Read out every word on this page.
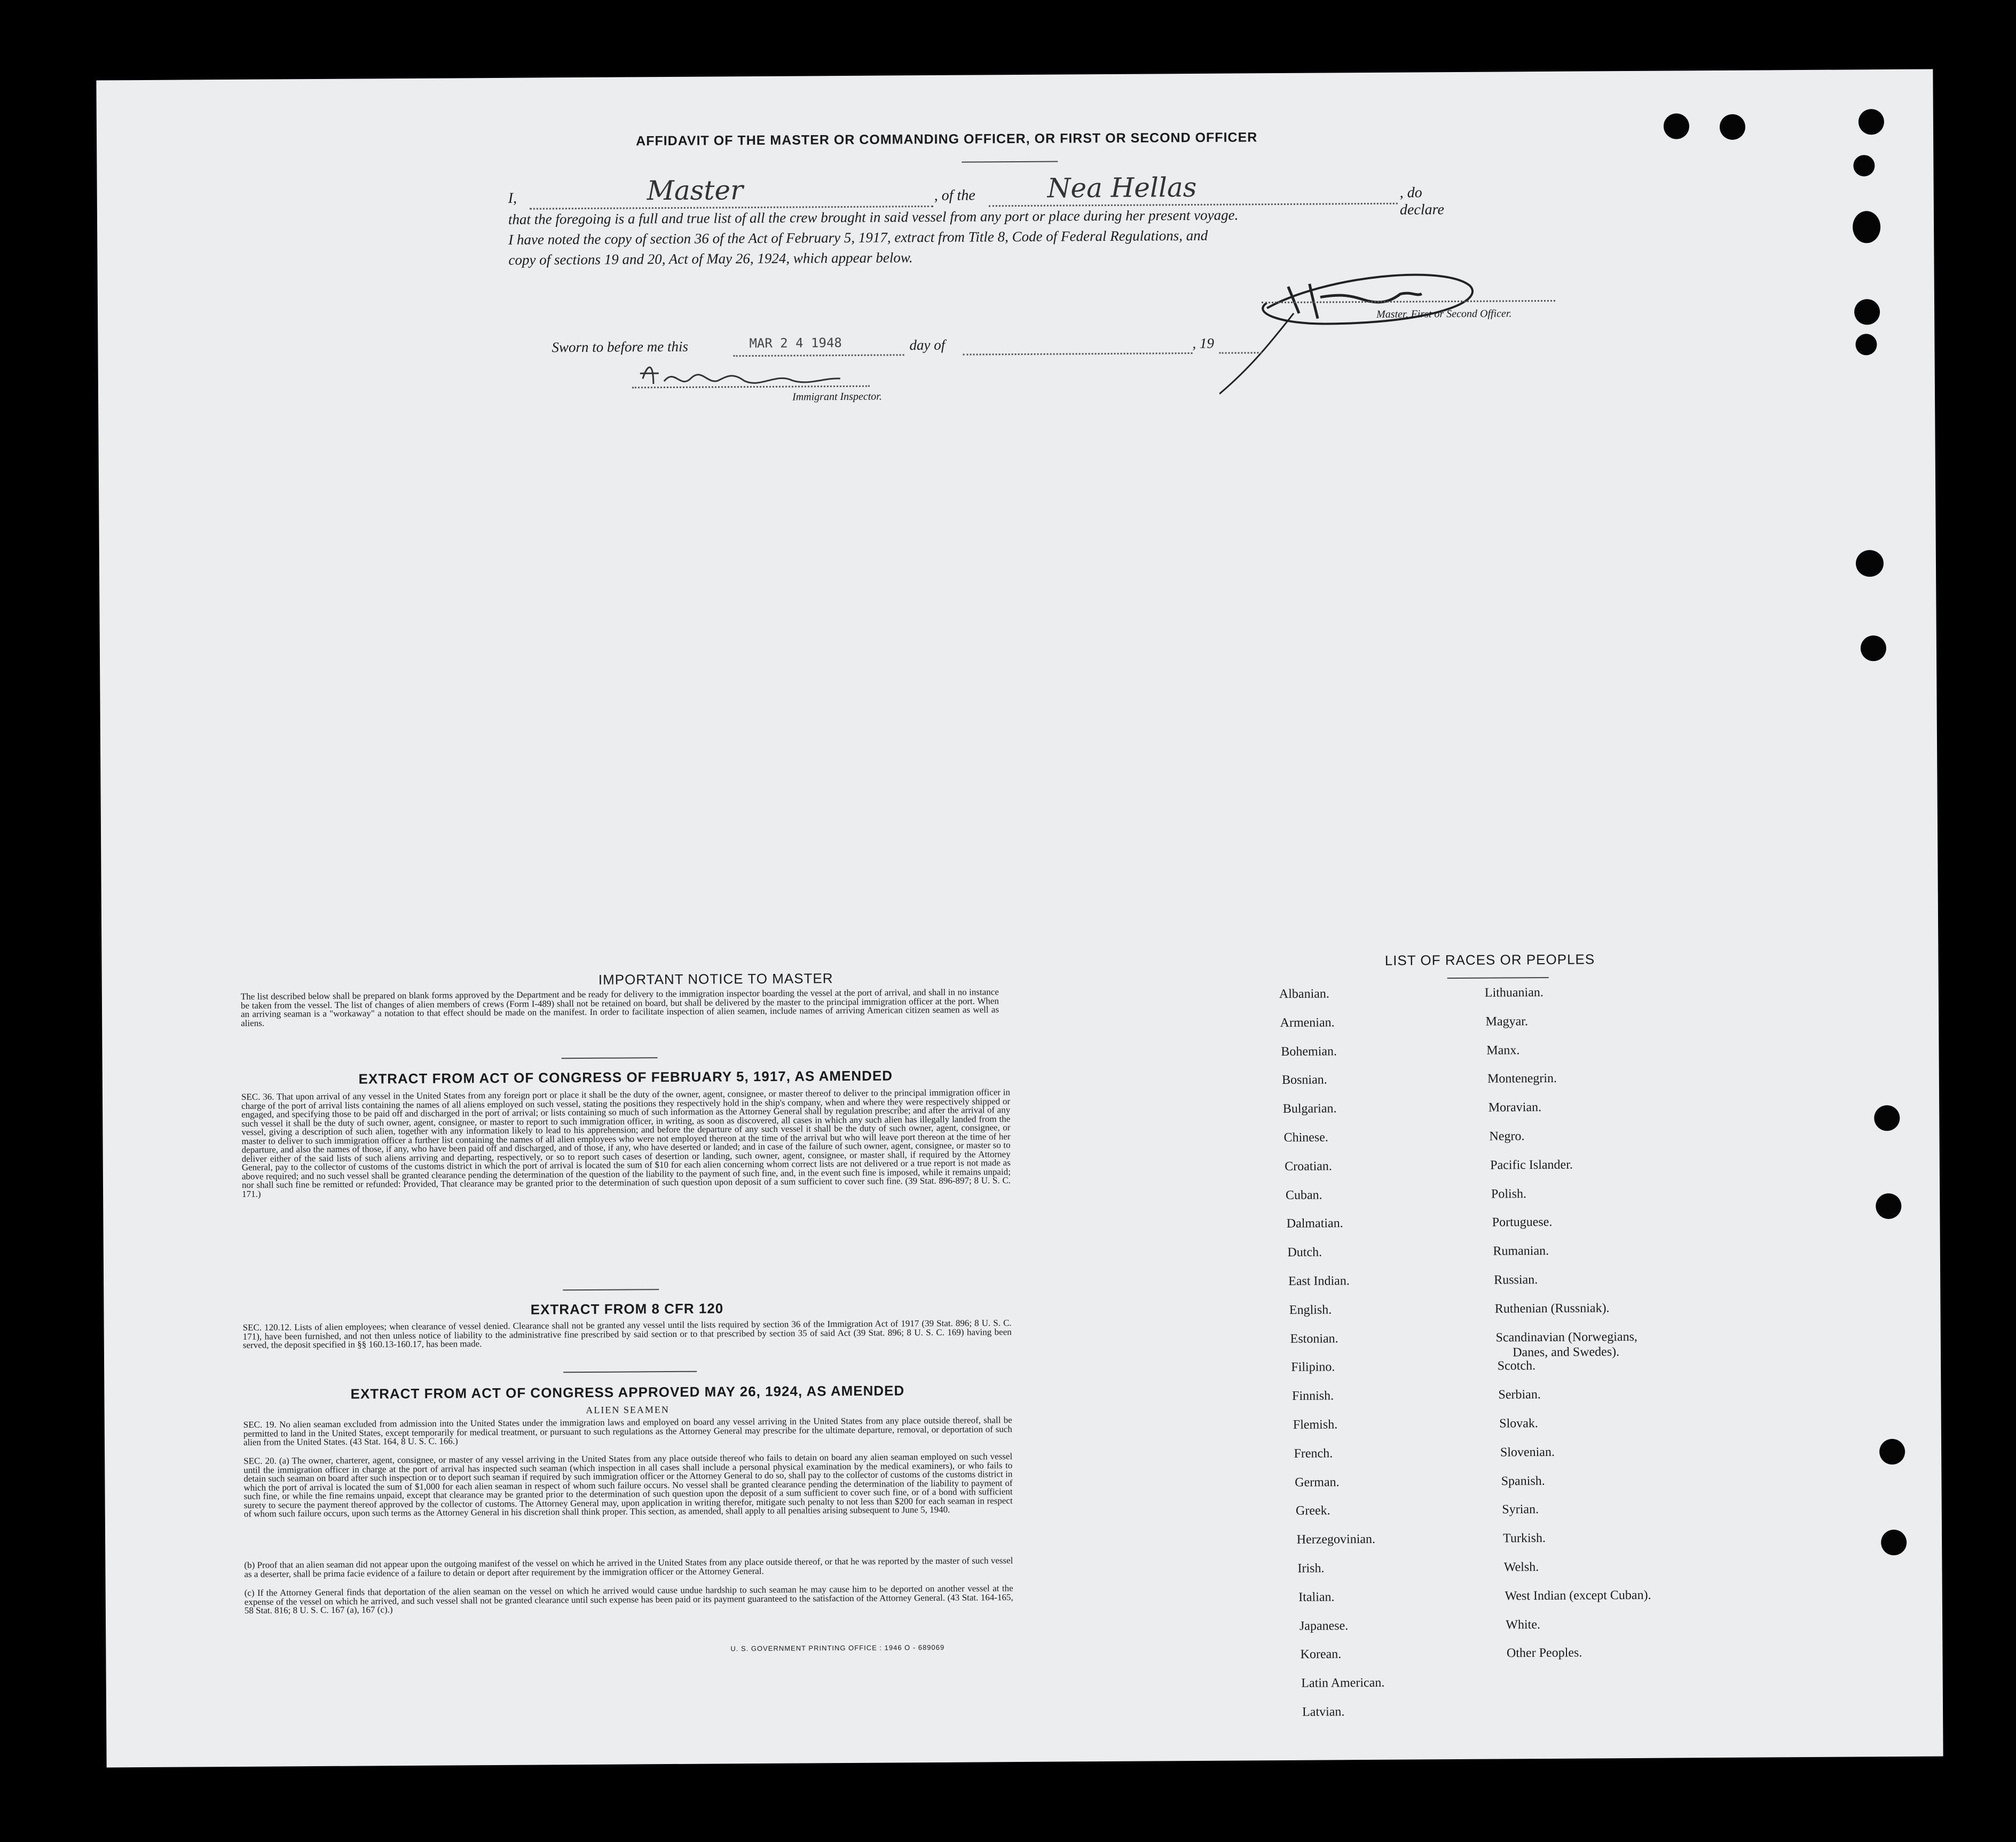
AFFIDAVIT OF THE MASTER OR COMMANDING OFFICER, OR FIRST OR SECOND OFFICER
I,	Master	, of the	Nea Hellas	, do declare
that the foregoing is a full and true list of all the crew brought in said vessel from any port or place during her present voyage.
I have noted the copy of section 36 of the Act of February 5, 1917, extract from Title 8, Code of Federal Regulations, and
copy of sections 19 and 20, Act of May 26, 1924, which appear below.
Master, First or Second Officer.
Sworn to before me this	MAR 2 4 1948	day of	, 19
Immigrant Inspector.
IMPORTANT NOTICE TO MASTER

The list described below shall be prepared on blank forms approved by the Department and be ready for delivery to the immigration inspector boarding the vessel at the port of arrival, and shall in no instance be taken from the vessel. The list of changes of alien members of crews (Form I-489) shall not be retained on board, but shall be delivered by the master to the principal immigration officer at the port. When an arriving seaman is a "workaway" a notation to that effect should be made on the manifest. In order to facilitate inspection of alien seamen, include names of arriving American citizen seamen as well as aliens.

EXTRACT FROM ACT OF CONGRESS OF FEBRUARY 5, 1917, AS AMENDED

SEC. 36. That upon arrival of any vessel in the United States from any foreign port or place it shall be the duty of the owner, agent, consignee, or master thereof to deliver to the principal immigration officer in charge of the port of arrival lists containing the names of all aliens employed on such vessel, stating the positions they respectively hold in the ship's company, when and where they were respectively shipped or engaged, and specifying those to be paid off and discharged in the port of arrival; or lists containing so much of such information as the Attorney General shall by regulation prescribe; and after the arrival of any such vessel it shall be the duty of such owner, agent, consignee, or master to report to such immigration officer, in writing, as soon as discovered, all cases in which any such alien has illegally landed from the vessel, giving a description of such alien, together with any information likely to lead to his apprehension; and before the departure of any such vessel it shall be the duty of such owner, agent, consignee, or master to deliver to such immigration officer a further list containing the names of all alien employees who were not employed thereon at the time of the arrival but who will leave port thereon at the time of her departure, and also the names of those, if any, who have been paid off and discharged, and of those, if any, who have deserted or landed; and in case of the failure of such owner, agent, consignee, or master so to deliver either of the said lists of such aliens arriving and departing, respectively, or so to report such cases of desertion or landing, such owner, agent, consignee, or master shall, if required by the Attorney General, pay to the collector of customs of the customs district in which the port of arrival is located the sum of $10 for each alien concerning whom correct lists are not delivered or a true report is not made as above required; and no such vessel shall be granted clearance pending the determination of the question of the liability to the payment of such fine, and, in the event such fine is imposed, while it remains unpaid; nor shall such fine be remitted or refunded: Provided, That clearance may be granted prior to the determination of such question upon deposit of a sum sufficient to cover such fine. (39 Stat. 896-897; 8 U. S. C. 171.)

EXTRACT FROM 8 CFR 120

SEC. 120.12. Lists of alien employees; when clearance of vessel denied. Clearance shall not be granted any vessel until the lists required by section 36 of the Immigration Act of 1917 (39 Stat. 896; 8 U. S. C. 171), have been furnished, and not then unless notice of liability to the administrative fine prescribed by said section or to that prescribed by section 35 of said Act (39 Stat. 896; 8 U. S. C. 169) having been served, the deposit specified in §§ 160.13-160.17, has been made.

EXTRACT FROM ACT OF CONGRESS APPROVED MAY 26, 1924, AS AMENDED
ALIEN SEAMEN

SEC. 19. No alien seaman excluded from admission into the United States under the immigration laws and employed on board any vessel arriving in the United States from any place outside thereof, shall be permitted to land in the United States, except temporarily for medical treatment, or pursuant to such regulations as the Attorney General may prescribe for the ultimate departure, removal, or deportation of such alien from the United States. (43 Stat. 164, 8 U. S. C. 166.)

SEC. 20. (a) The owner, charterer, agent, consignee, or master of any vessel arriving in the United States from any place outside thereof who fails to detain on board any alien seaman employed on such vessel until the immigration officer in charge at the port of arrival has inspected such seaman (which inspection in all cases shall include a personal physical examination by the medical examiners), or who fails to detain such seaman on board after such inspection or to deport such seaman if required by such immigration officer or the Attorney General to do so, shall pay to the collector of customs of the customs district in which the port of arrival is located the sum of $1,000 for each alien seaman in respect of whom such failure occurs. No vessel shall be granted clearance pending the determination of the liability to payment of such fine, or while the fine remains unpaid, except that clearance may be granted prior to the determination of such question upon the deposit of a sum sufficient to cover such fine, or of a bond with sufficient surety to secure the payment thereof approved by the collector of customs. The Attorney General may, upon application in writing therefor, mitigate such penalty to not less than $200 for each seaman in respect of whom such failure occurs, upon such terms as the Attorney General in his discretion shall think proper. This section, as amended, shall apply to all penalties arising subsequent to June 5, 1940.

(b) Proof that an alien seaman did not appear upon the outgoing manifest of the vessel on which he arrived in the United States from any place outside thereof, or that he was reported by the master of such vessel as a deserter, shall be prima facie evidence of a failure to detain or deport after requirement by the immigration officer or the Attorney General.

(c) If the Attorney General finds that deportation of the alien seaman on the vessel on which he arrived would cause undue hardship to such seaman he may cause him to be deported on another vessel at the expense of the vessel on which he arrived, and such vessel shall not be granted clearance until such expense has been paid or its payment guaranteed to the satisfaction of the Attorney General. (43 Stat. 164-165, 58 Stat. 816; 8 U. S. C. 167 (a), 167 (c).)

U. S. GOVERNMENT PRINTING OFFICE : 1946 O - 689069
LIST OF RACES OR PEOPLES
Albanian.
Armenian.
Bohemian.
Bosnian.
Bulgarian.
Chinese.
Croatian.
Cuban.
Dalmatian.
Dutch.
East Indian.
English.
Estonian.
Filipino.
Finnish.
Flemish.
French.
German.
Greek.
Herzegovinian.
Irish.
Italian.
Japanese.
Korean.
Latin American.
Latvian.
Lithuanian.
Magyar.
Manx.
Montenegrin.
Moravian.
Negro.
Pacific Islander.
Polish.
Portuguese.
Rumanian.
Russian.
Ruthenian (Russniak).
Scandinavian (Norwegians,
Danes, and Swedes).
Scotch.
Serbian.
Slovak.
Slovenian.
Spanish.
Syrian.
Turkish.
Welsh.
West Indian (except Cuban).
White.
Other Peoples.
